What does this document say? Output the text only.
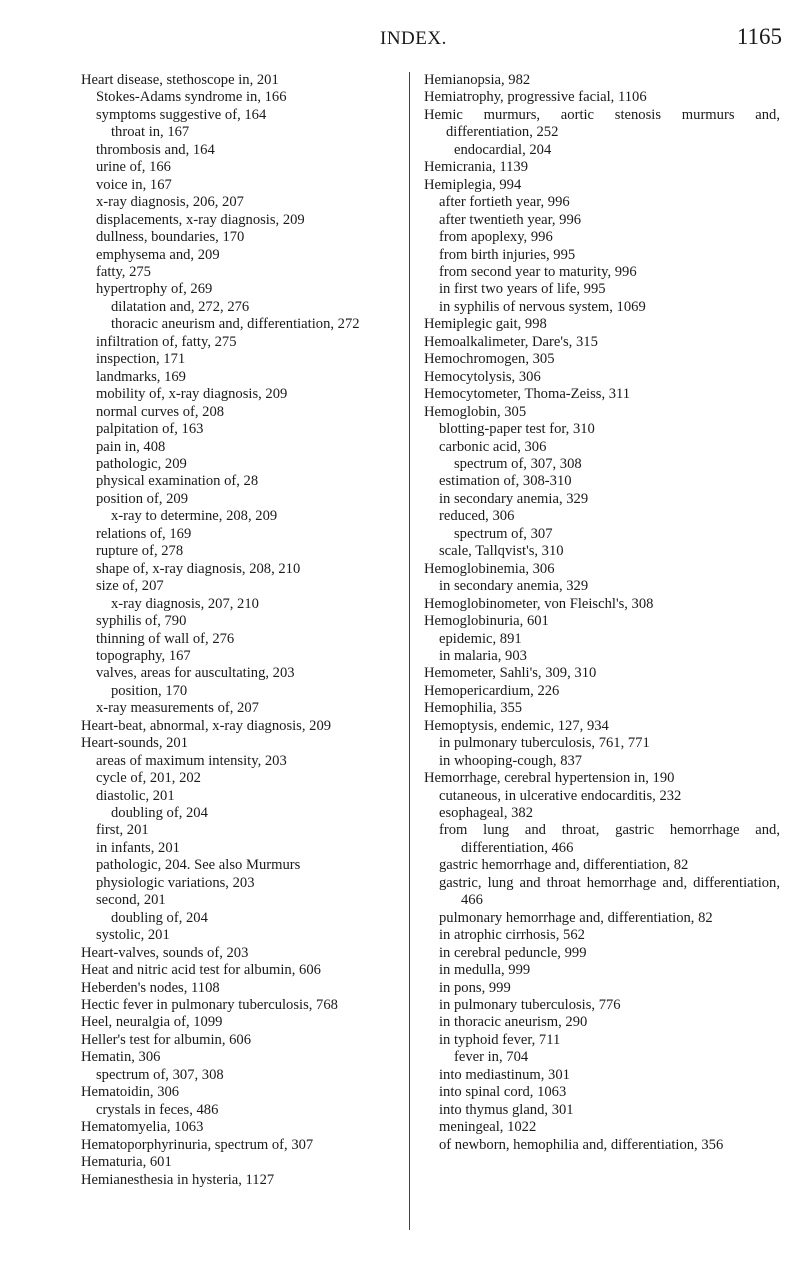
INDEX.	1165
Heart disease, stethoscope in, 201
Stokes-Adams syndrome in, 166
symptoms suggestive of, 164
throat in, 167
thrombosis and, 164
urine of, 166
voice in, 167
x-ray diagnosis, 206, 207
displacements, x-ray diagnosis, 209
dullness, boundaries, 170
emphysema and, 209
fatty, 275
hypertrophy of, 269
dilatation and, 272, 276
thoracic aneurism and, differentiation, 272
infiltration of, fatty, 275
inspection, 171
landmarks, 169
mobility of, x-ray diagnosis, 209
normal curves of, 208
palpitation of, 163
pain in, 408
pathologic, 209
physical examination of, 28
position of, 209
x-ray to determine, 208, 209
relations of, 169
rupture of, 278
shape of, x-ray diagnosis, 208, 210
size of, 207
x-ray diagnosis, 207, 210
syphilis of, 790
thinning of wall of, 276
topography, 167
valves, areas for auscultating, 203
position, 170
x-ray measurements of, 207
Heart-beat, abnormal, x-ray diagnosis, 209
Heart-sounds, 201
areas of maximum intensity, 203
cycle of, 201, 202
diastolic, 201
doubling of, 204
first, 201
in infants, 201
pathologic, 204. See also Murmurs
physiologic variations, 203
second, 201
doubling of, 204
systolic, 201
Heart-valves, sounds of, 203
Heat and nitric acid test for albumin, 606
Heberden's nodes, 1108
Hectic fever in pulmonary tuberculosis, 768
Heel, neuralgia of, 1099
Heller's test for albumin, 606
Hematin, 306
spectrum of, 307, 308
Hematoidin, 306
crystals in feces, 486
Hematomyelia, 1063
Hematoporphyrinuria, spectrum of, 307
Hematuria, 601
Hemianesthesia in hysteria, 1127
Hemianopsia, 982
Hemiatrophy, progressive facial, 1106
Hemic murmurs, aortic stenosis murmurs and, differentiation, 252
endocardial, 204
Hemicrania, 1139
Hemiplegia, 994
after fortieth year, 996
after twentieth year, 996
from apoplexy, 996
from birth injuries, 995
from second year to maturity, 996
in first two years of life, 995
in syphilis of nervous system, 1069
Hemiplegic gait, 998
Hemoalkalimeter, Dare's, 315
Hemochromogen, 305
Hemocytolysis, 306
Hemocytometer, Thoma-Zeiss, 311
Hemoglobin, 305
blotting-paper test for, 310
carbonic acid, 306
spectrum of, 307, 308
estimation of, 308-310
in secondary anemia, 329
reduced, 306
spectrum of, 307
scale, Tallqvist's, 310
Hemoglobinemia, 306
in secondary anemia, 329
Hemoglobinometer, von Fleischl's, 308
Hemoglobinuria, 601
epidemic, 891
in malaria, 903
Hemometer, Sahli's, 309, 310
Hemopericardium, 226
Hemophilia, 355
Hemoptysis, endemic, 127, 934
in pulmonary tuberculosis, 761, 771
in whooping-cough, 837
Hemorrhage, cerebral hypertension in, 190
cutaneous, in ulcerative endocarditis, 232
esophageal, 382
from lung and throat, gastric hemorrhage and, differentiation, 466
gastric hemorrhage and, differentiation, 82
gastric, lung and throat hemorrhage and, differentiation, 466
pulmonary hemorrhage and, differentiation, 82
in atrophic cirrhosis, 562
in cerebral peduncle, 999
in medulla, 999
in pons, 999
in pulmonary tuberculosis, 776
in thoracic aneurism, 290
in typhoid fever, 711
fever in, 704
into mediastinum, 301
into spinal cord, 1063
into thymus gland, 301
meningeal, 1022
of newborn, hemophilia and, differentiation, 356
